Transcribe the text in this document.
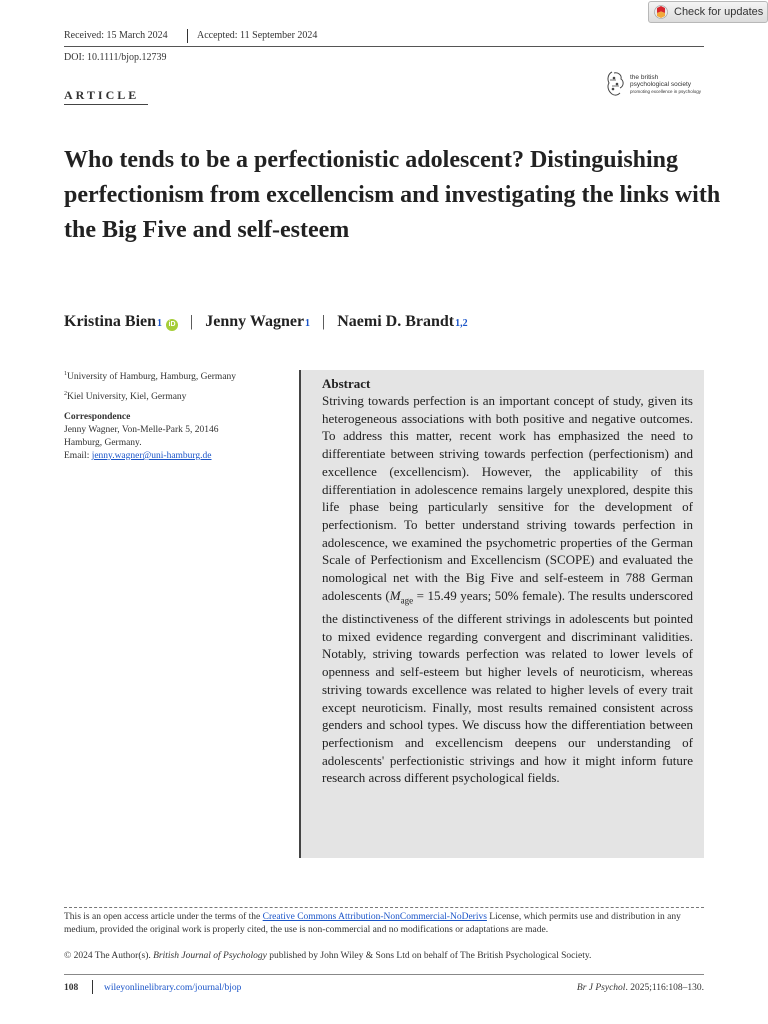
Check for updates
Received: 15 March 2024	Accepted: 11 September 2024
DOI: 10.1111/bjop.12739
the british
psychological society
promoting excellence in psychology
ARTICLE
Who tends to be a perfectionistic adolescent? Distinguishing perfectionism from excellencism and investigating the links with the Big Five and self-esteem
Kristina Bien 1 iD | Jenny Wagner 1 | Naemi D. Brandt 1,2
$^1$University of Hamburg, Hamburg, Germany
$^2$Kiel University, Kiel, Germany
Correspondence
Jenny Wagner, Von-Melle-Park 5, 20146
Hamburg, Germany.
Email: jenny.wagner@uni-hamburg.de
Abstract

Striving towards perfection is an important concept of study, given its heterogeneous associations with both positive and negative outcomes. To address this matter, recent work has emphasized the need to differentiate between striving towards perfection (perfectionism) and excellence (excellencism). However, the applicability of this differentiation in adolescence remains largely unexplored, despite this life phase being particularly sensitive for the development of perfectionism. To better understand striving towards perfection in adolescence, we examined the psychometric properties of the German Scale of Perfectionism and Excellencism (SCOPE) and evaluated the nomological net with the Big Five and self-esteem in 788 German adolescents ($M_{age} = 15.49$ years; 50% female). The results underscored the distinctiveness of the different strivings in adolescents but pointed to mixed evidence regarding convergent and discriminant validities. Notably, striving towards perfection was related to lower levels of openness and self-esteem but higher levels of neuroticism, whereas striving towards excellence was related to higher levels of every trait except neuroticism. Finally, most results remained consistent across genders and school types. We discuss how the differentiation between perfectionism and excellencism deepens our understanding of adolescents' perfectionistic strivings and how it might inform future research across different psychological fields.

This is an open access article under the terms of the Creative Commons Attribution-NonCommercial-NoDerivs License, which permits use and distribution in any medium, provided the original work is properly cited, the use is non-commercial and no modifications or adaptations are made.

© 2024 The Author(s). British Journal of Psychology published by John Wiley & Sons Ltd on behalf of The British Psychological Society.
108	wileyonlinelibrary.com/journal/bjop	Br J Psychol. 2025;116:108–130.
